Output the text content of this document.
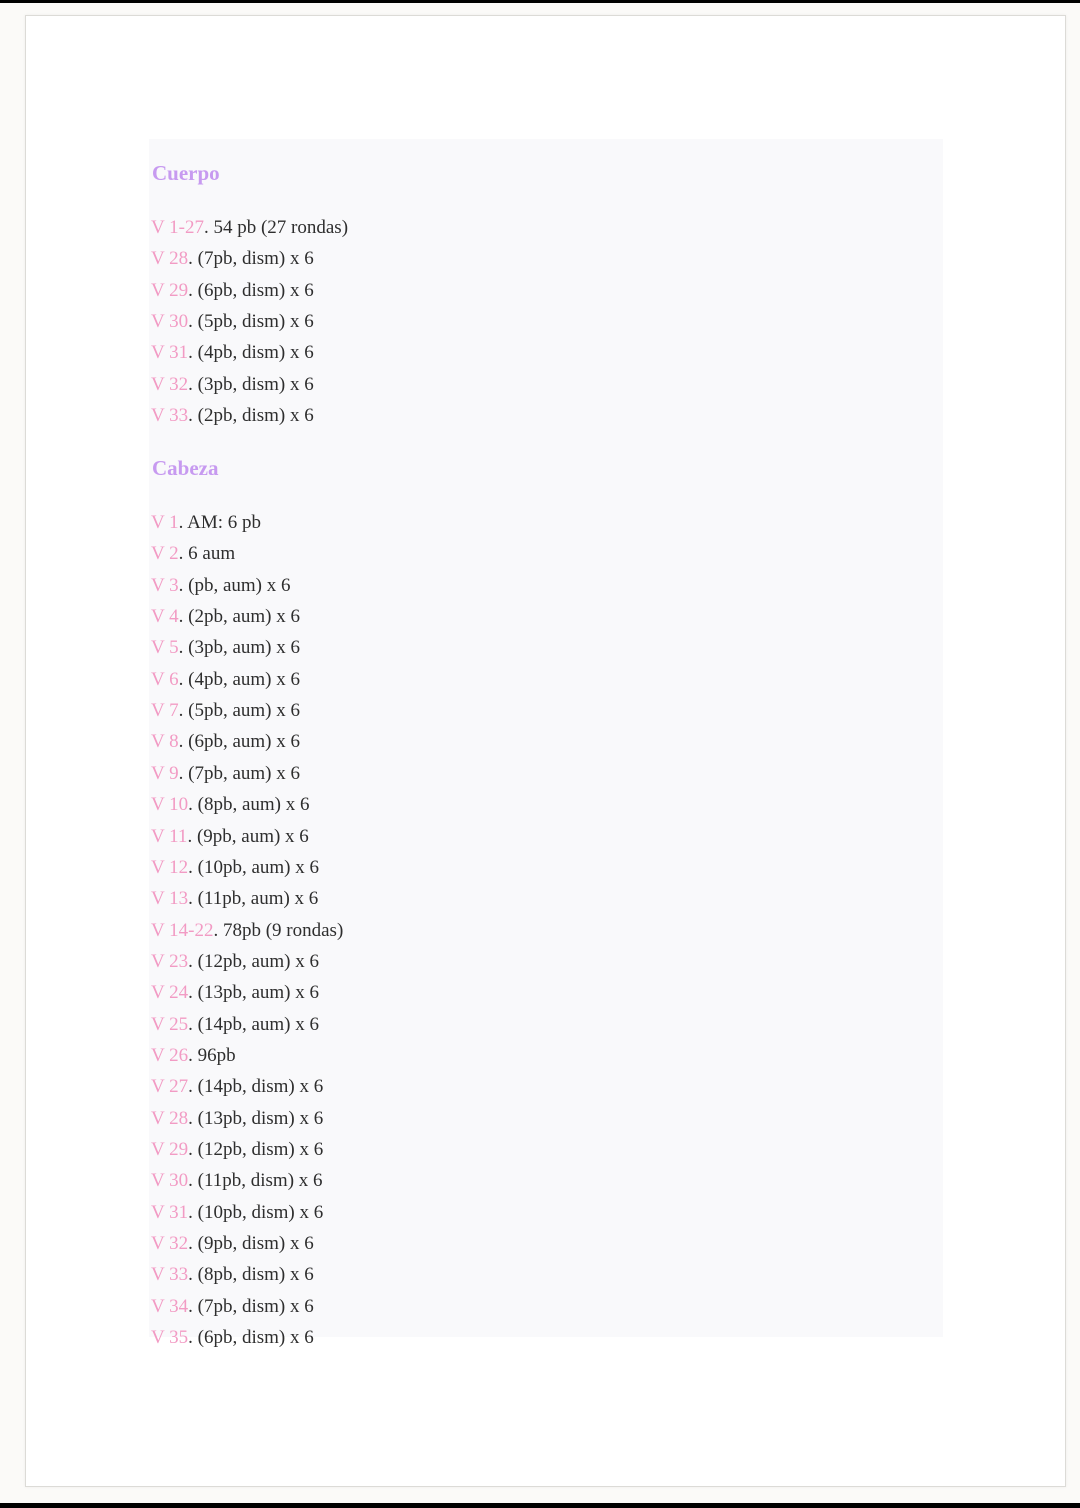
Cuerpo
V 1-27. 54 pb (27 rondas)
V 28. (7pb, dism) x 6
V 29. (6pb, dism) x 6
V 30. (5pb, dism) x 6
V 31. (4pb, dism) x 6
V 32. (3pb, dism) x 6
V 33. (2pb, dism) x 6
Cabeza
V 1. AM: 6 pb
V 2. 6 aum
V 3. (pb, aum) x 6
V 4. (2pb, aum) x 6
V 5. (3pb, aum) x 6
V 6. (4pb, aum) x 6
V 7. (5pb, aum) x 6
V 8. (6pb, aum) x 6
V 9. (7pb, aum) x 6
V 10. (8pb, aum) x 6
V 11. (9pb, aum) x 6
V 12. (10pb, aum) x 6
V 13. (11pb, aum) x 6
V 14-22. 78pb (9 rondas)
V 23. (12pb, aum) x 6
V 24. (13pb, aum) x 6
V 25. (14pb, aum) x 6
V 26. 96pb
V 27. (14pb, dism) x 6
V 28. (13pb, dism) x 6
V 29. (12pb, dism) x 6
V 30. (11pb, dism) x 6
V 31. (10pb, dism) x 6
V 32. (9pb, dism) x 6
V 33. (8pb, dism) x 6
V 34. (7pb, dism) x 6
V 35. (6pb, dism) x 6
